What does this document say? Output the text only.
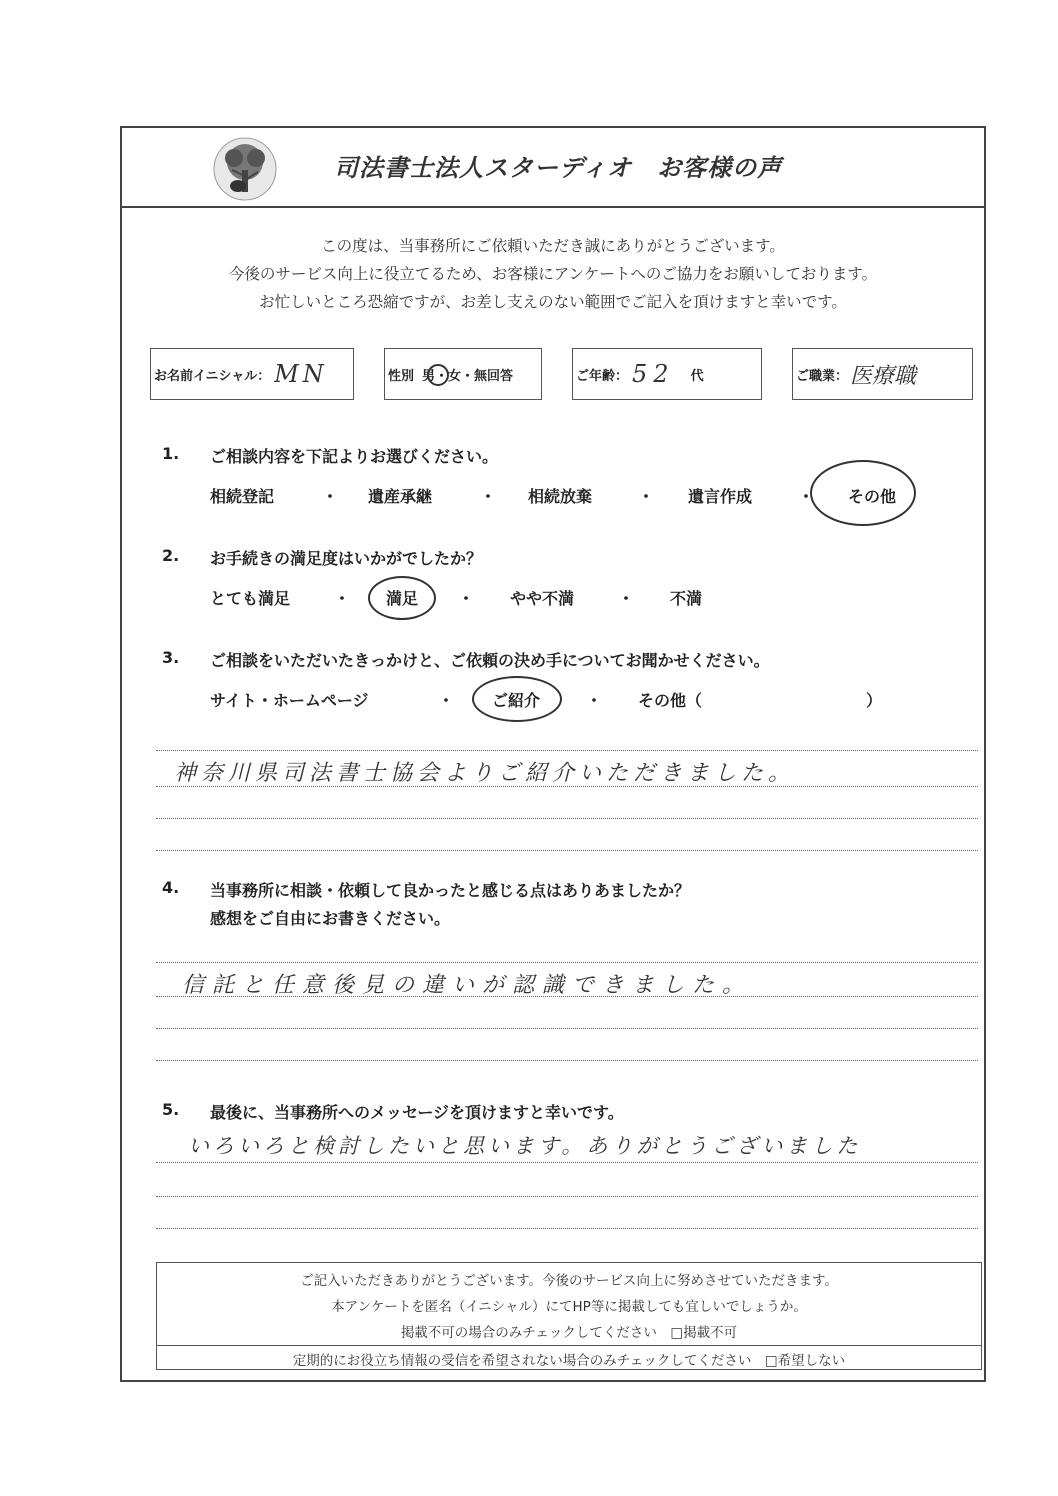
司法書士法人スターディオ　お客様の声
この度は、当事務所にご依頼いただき誠にありがとうございます。
今後のサービス向上に役立てるため、お客様にアンケートへのご協力をお願いしております。
お忙しいところ恐縮ですが、お差し支えのない範囲でご記入を頂けますと幸いです。
お名前イニシャル： MN	性別 男・女・無回答	ご年齢： 52 代	ご職業： 医療職
1. ご相談内容を下記よりお選びください。
相続登記	・ 遺産承継	・ 相続放棄	・ 遺言作成	・ その他
2. お手続きの満足度はいかがでしたか？
とても満足	・ 満足 ・ やや不満	・ 不満
3. ご相談をいただいたきっかけと、ご依頼の決め手についてお聞かせください。
サイト・ホームページ	・ ご紹介	・ その他（	）
神奈川県司法書士協会よりご紹介いただきました。
4. 当事務所に相談・依頼して良かったと感じる点はありあましたか？
感想をご自由にお書きください。
信託と任意後見の違いが認識できました。
5. 最後に、当事務所へのメッセージを頂けますと幸いです。
いろいろと検討したいと思います。ありがとうございました
ご記入いただきありがとうございます。今後のサービス向上に努めさせていただきます。
本アンケートを匿名（イニシャル）にてHP等に掲載しても宜しいでしょうか。
掲載不可の場合のみチェックしてください　□掲載不可
定期的にお役立ち情報の受信を希望されない場合のみチェックしてください　□希望しない
